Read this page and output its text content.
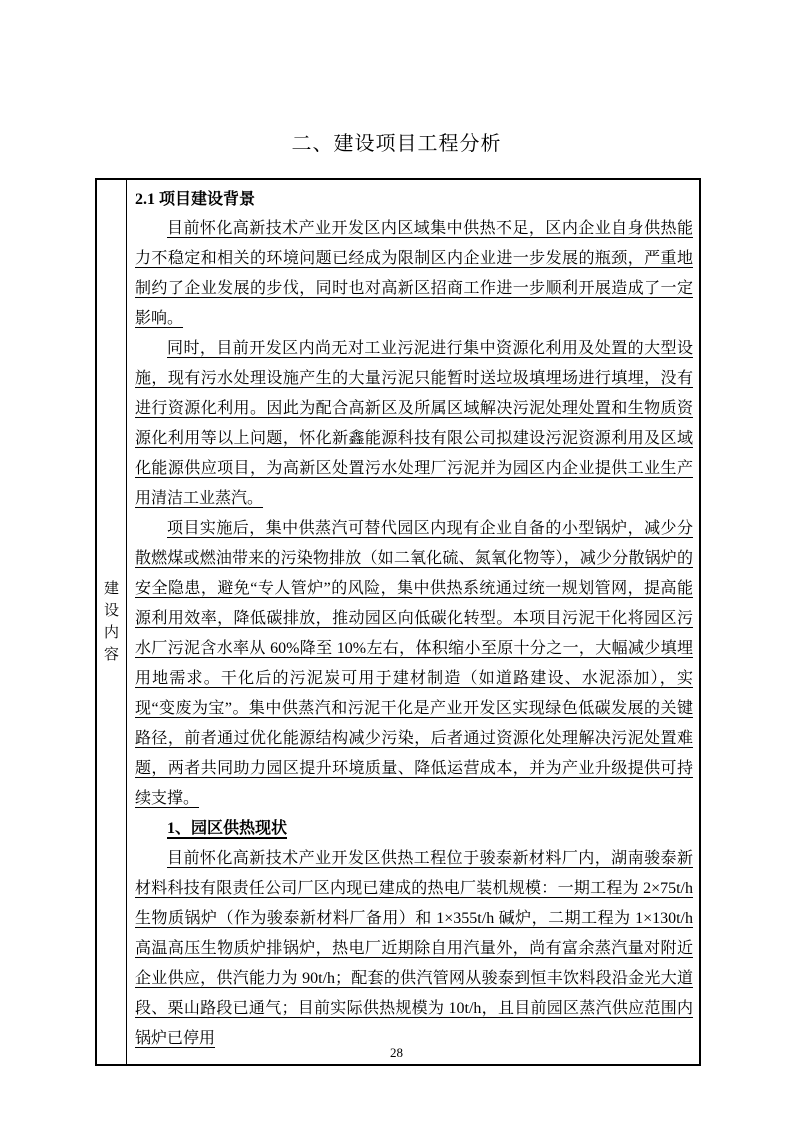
二、建设项目工程分析
建设内容
2.1 项目建设背景

目前怀化高新技术产业开发区内区域集中供热不足，区内企业自身供热能力不稳定和相关的环境问题已经成为限制区内企业进一步发展的瓶颈，严重地制约了企业发展的步伐，同时也对高新区招商工作进一步顺利开展造成了一定影响。

同时，目前开发区内尚无对工业污泥进行集中资源化利用及处置的大型设施，现有污水处理设施产生的大量污泥只能暂时送垃圾填埋场进行填埋，没有进行资源化利用。因此为配合高新区及所属区域解决污泥处理处置和生物质资源化利用等以上问题，怀化新鑫能源科技有限公司拟建设污泥资源利用及区域化能源供应项目，为高新区处置污水处理厂污泥并为园区内企业提供工业生产用清洁工业蒸汽。

项目实施后，集中供蒸汽可替代园区内现有企业自备的小型锅炉，减少分散燃煤或燃油带来的污染物排放（如二氧化硫、氮氧化物等），减少分散锅炉的安全隐患，避免“专人管炉”的风险，集中供热系统通过统一规划管网，提高能源利用效率，降低碳排放，推动园区向低碳化转型。本项目污泥干化将园区污水厂污泥含水率从 60%降至 10%左右，体积缩小至原十分之一，大幅减少填埋用地需求。干化后的污泥炭可用于建材制造（如道路建设、水泥添加），实现“变废为宝”。集中供蒸汽和污泥干化是产业开发区实现绿色低碳发展的关键路径，前者通过优化能源结构减少污染，后者通过资源化处理解决污泥处置难题，两者共同助力园区提升环境质量、降低运营成本，并为产业升级提供可持续支撑。

1、园区供热现状

目前怀化高新技术产业开发区供热工程位于骏泰新材料厂内，湖南骏泰新材料科技有限责任公司厂区内现已建成的热电厂装机规模：一期工程为 2×75t/h 生物质锅炉（作为骏泰新材料厂备用）和 1×355t/h 碱炉，二期工程为 1×130t/h 高温高压生物质炉排锅炉，热电厂近期除自用汽量外，尚有富余蒸汽量对附近企业供应，供汽能力为 90t/h；配套的供汽管网从骏泰到恒丰饮料段沿金光大道段、栗山路段已通气；目前实际供热规模为 10t/h，且目前园区蒸汽供应范围内锅炉已停用

28
